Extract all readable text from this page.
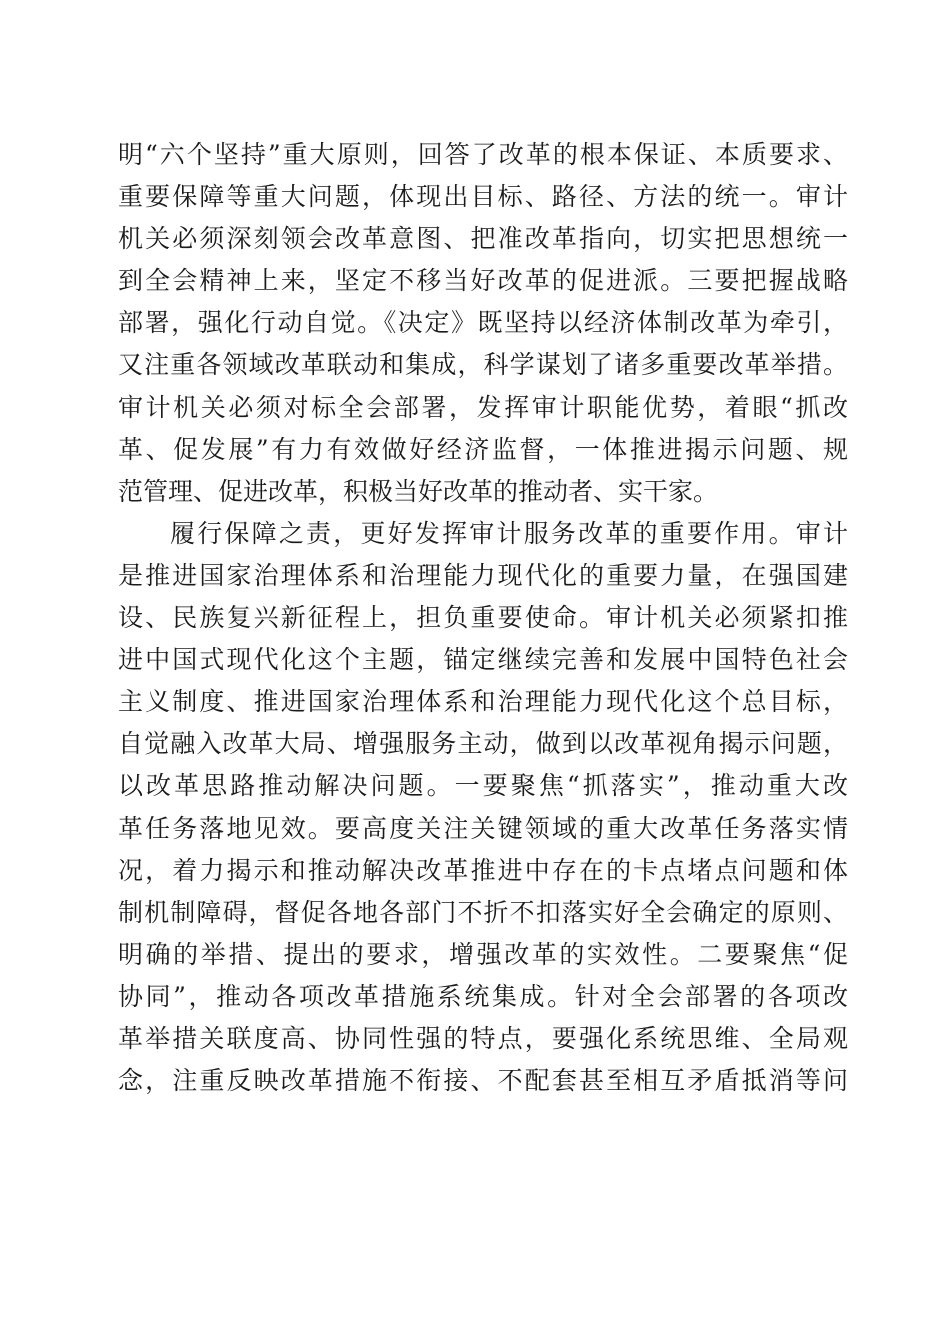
明“六个坚持”重大原则，回答了改革的根本保证、本质要求、
重要保障等重大问题，体现出目标、路径、方法的统一。审计
机关必须深刻领会改革意图、把准改革指向，切实把思想统一
到全会精神上来，坚定不移当好改革的促进派。三要把握战略
部署，强化行动自觉。《决定》既坚持以经济体制改革为牵引，
又注重各领域改革联动和集成，科学谋划了诸多重要改革举措。
审计机关必须对标全会部署，发挥审计职能优势，着眼“抓改
革、促发展”有力有效做好经济监督，一体推进揭示问题、规
范管理、促进改革，积极当好改革的推动者、实干家。
履行保障之责，更好发挥审计服务改革的重要作用。审计
是推进国家治理体系和治理能力现代化的重要力量，在强国建
设、民族复兴新征程上，担负重要使命。审计机关必须紧扣推
进中国式现代化这个主题，锚定继续完善和发展中国特色社会
主义制度、推进国家治理体系和治理能力现代化这个总目标，
自觉融入改革大局、增强服务主动，做到以改革视角揭示问题，
以改革思路推动解决问题。一要聚焦“抓落实”，推动重大改
革任务落地见效。要高度关注关键领域的重大改革任务落实情
况，着力揭示和推动解决改革推进中存在的卡点堵点问题和体
制机制障碍，督促各地各部门不折不扣落实好全会确定的原则、
明确的举措、提出的要求，增强改革的实效性。二要聚焦“促
协同”，推动各项改革措施系统集成。针对全会部署的各项改
革举措关联度高、协同性强的特点，要强化系统思维、全局观
念，注重反映改革措施不衔接、不配套甚至相互矛盾抵消等问
